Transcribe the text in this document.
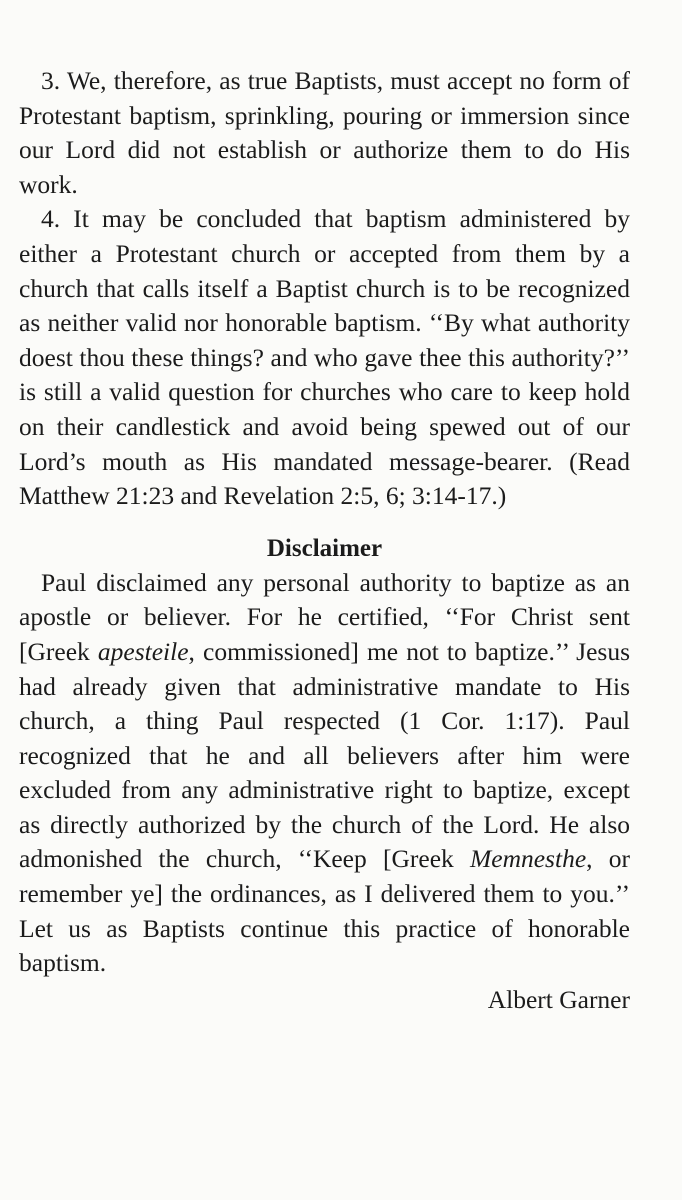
3. We, therefore, as true Baptists, must accept no form of Protestant baptism, sprinkling, pouring or immersion since our Lord did not establish or authorize them to do His work.

4. It may be concluded that baptism administered by either a Protestant church or accepted from them by a church that calls itself a Baptist church is to be recognized as neither valid nor honorable baptism. ‘‘By what authority doest thou these things? and who gave thee this authority?’’ is still a valid question for churches who care to keep hold on their candlestick and avoid being spewed out of our Lord’s mouth as His mandated message-bearer. (Read Matthew 21:23 and Revelation 2:5, 6; 3:14-17.)

Disclaimer

Paul disclaimed any personal authority to baptize as an apostle or believer. For he certified, ‘‘For Christ sent [Greek apesteile, commissioned] me not to baptize.’’ Jesus had already given that administrative mandate to His church, a thing Paul respected (1 Cor. 1:17). Paul recognized that he and all believers after him were excluded from any administrative right to baptize, except as directly authorized by the church of the Lord. He also admonished the church, ‘‘Keep [Greek Memnesthe, or remember ye] the ordinances, as I delivered them to you.’’ Let us as Baptists continue this practice of honorable baptism.

Albert Garner
